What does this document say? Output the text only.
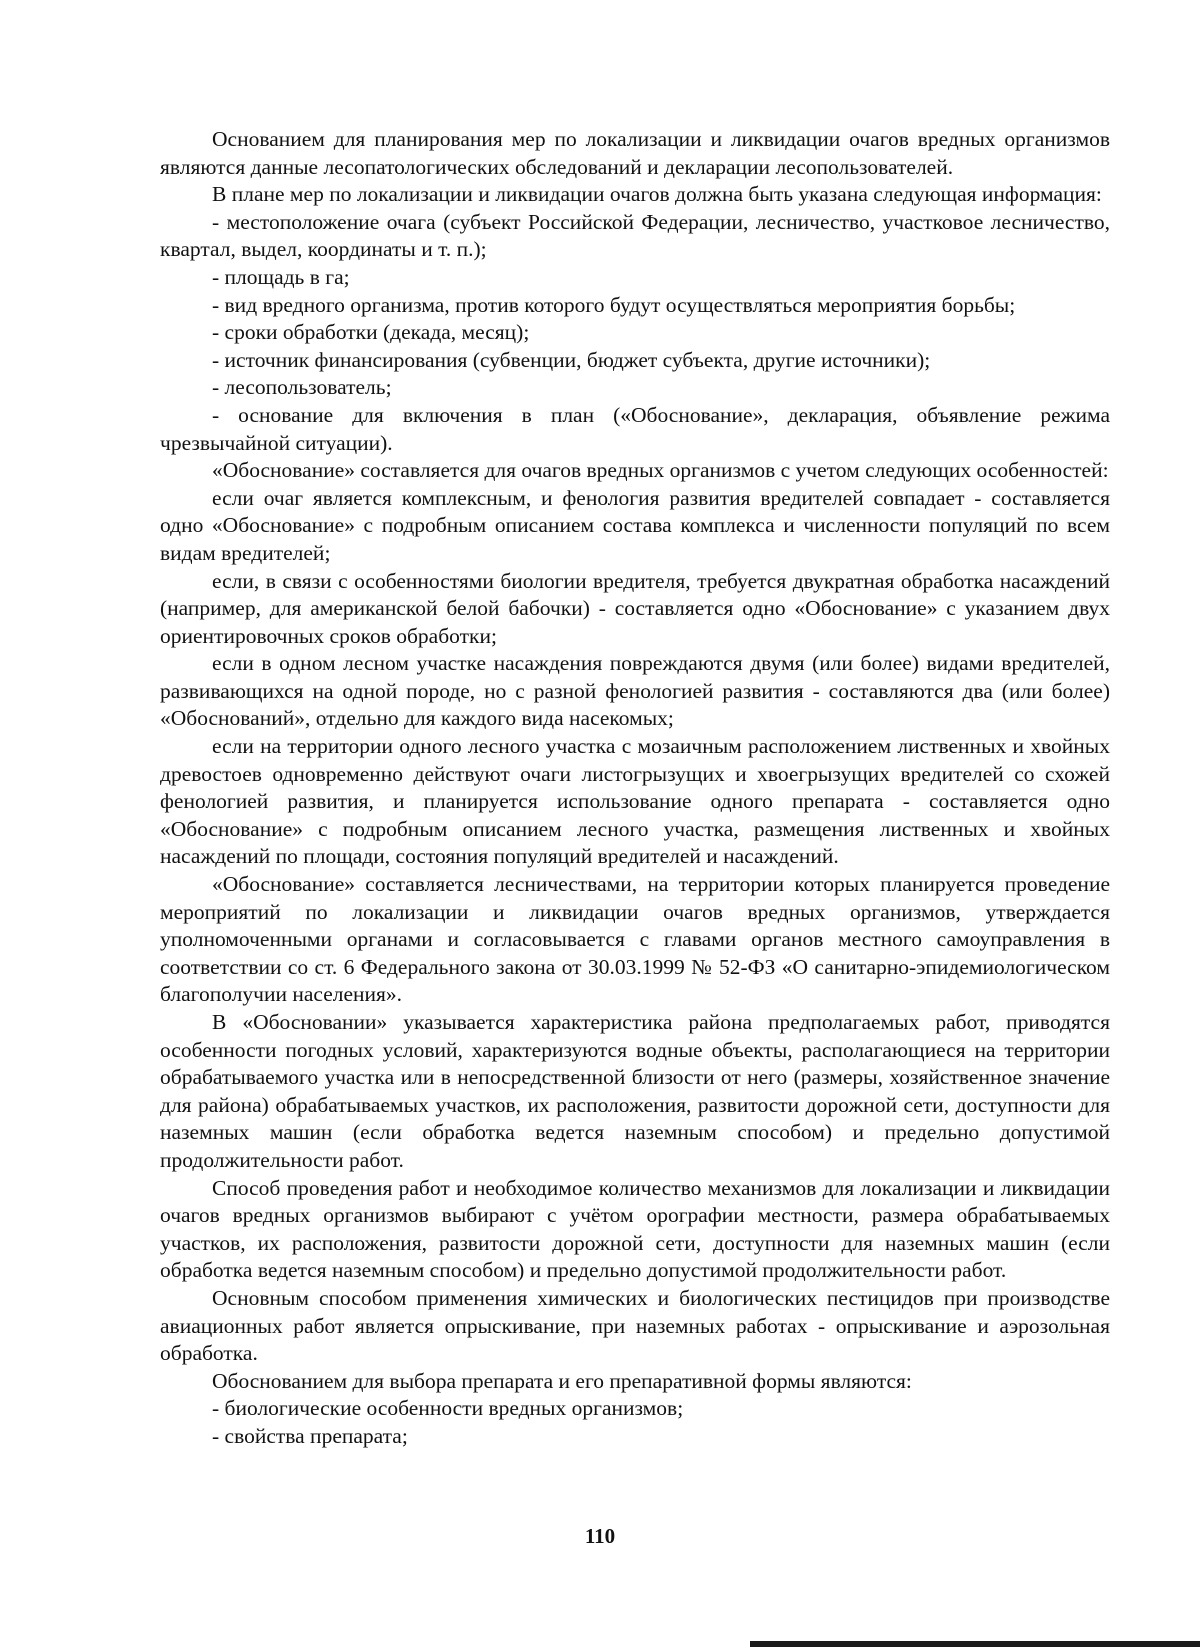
Основанием для планирования мер по локализации и ликвидации очагов вредных организмов являются данные лесопатологических обследований и декларации лесопользователей.

В плане мер по локализации и ликвидации очагов должна быть указана следующая информация:

- местоположение очага (субъект Российской Федерации, лесничество, участковое лесничество, квартал, выдел, координаты и т. п.);

- площадь в га;

- вид вредного организма, против которого будут осуществляться мероприятия борьбы;

- сроки обработки (декада, месяц);

- источник финансирования (субвенции, бюджет субъекта, другие источники);

- лесопользователь;

- основание для включения в план («Обоснование», декларация, объявление режима чрезвычайной ситуации).

«Обоснование» составляется для очагов вредных организмов с учетом следующих особенностей:

если очаг является комплексным, и фенология развития вредителей совпадает - составляется одно «Обоснование» с подробным описанием состава комплекса и численности популяций по всем видам вредителей;

если, в связи с особенностями биологии вредителя, требуется двукратная обработка насаждений (например, для американской белой бабочки) - составляется одно «Обоснование» с указанием двух ориентировочных сроков обработки;

если в одном лесном участке насаждения повреждаются двумя (или более) видами вредителей, развивающихся на одной породе, но с разной фенологией развития - составляются два (или более) «Обоснований», отдельно для каждого вида насекомых;

если на территории одного лесного участка с мозаичным расположением лиственных и хвойных древостоев одновременно действуют очаги листогрызущих и хвоегрызущих вредителей со схожей фенологией развития, и планируется использование одного препарата - составляется одно «Обоснование» с подробным описанием лесного участка, размещения лиственных и хвойных насаждений по площади, состояния популяций вредителей и насаждений.

«Обоснование» составляется лесничествами, на территории которых планируется проведение мероприятий по локализации и ликвидации очагов вредных организмов, утверждается уполномоченными органами и согласовывается с главами органов местного самоуправления в соответствии со ст. 6 Федерального закона от 30.03.1999 № 52-ФЗ «О санитарно-эпидемиологическом благополучии населения».

В «Обосновании» указывается характеристика района предполагаемых работ, приводятся особенности погодных условий, характеризуются водные объекты, располагающиеся на территории обрабатываемого участка или в непосредственной близости от него (размеры, хозяйственное значение для района) обрабатываемых участков, их расположения, развитости дорожной сети, доступности для наземных машин (если обработка ведется наземным способом) и предельно допустимой продолжительности работ.

Способ проведения работ и необходимое количество механизмов для локализации и ликвидации очагов вредных организмов выбирают с учётом орографии местности, размера обрабатываемых участков, их расположения, развитости дорожной сети, доступности для наземных машин (если обработка ведется наземным способом) и предельно допустимой продолжительности работ.

Основным способом применения химических и биологических пестицидов при производстве авиационных работ является опрыскивание, при наземных работах - опрыскивание и аэрозольная обработка.

Обоснованием для выбора препарата и его препаративной формы являются:

- биологические особенности вредных организмов;

- свойства препарата;

110
